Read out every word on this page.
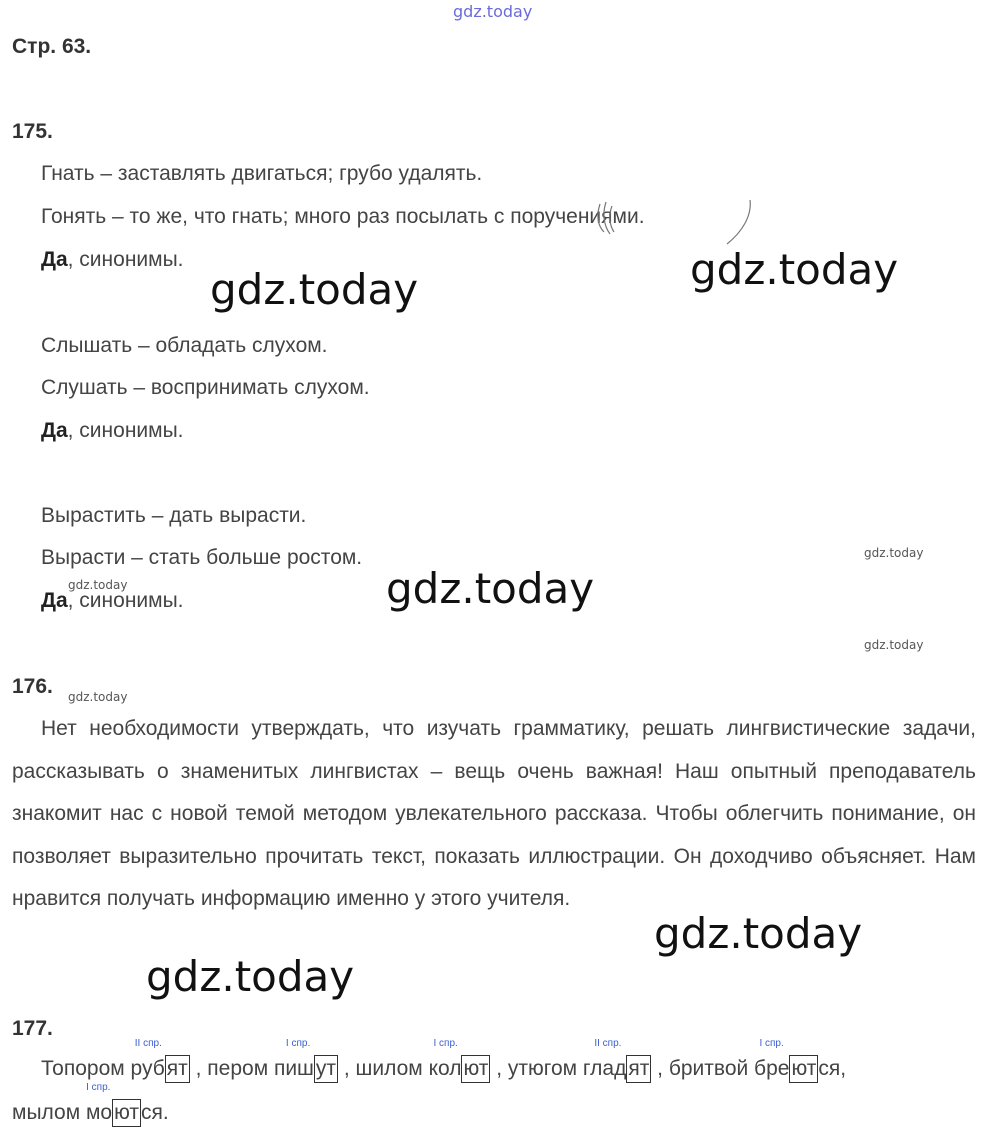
gdz.today
Стр. 63.
175.
Гнать – заставлять двигаться; грубо удалять.
Гонять – то же, что гнать; много раз посылать с поручениями.
Да, синонимы.
Слышать – обладать слухом.
Слушать – воспринимать слухом.
Да, синонимы.
Вырастить – дать вырасти.
Вырасти – стать больше ростом.
Да, синонимы.
176.
Нет необходимости утверждать, что изучать грамматику, решать лингвистические задачи, рассказывать о знаменитых лингвистах – вещь очень важная! Наш опытный преподаватель знакомит нас с новой темой методом увлекательного рассказа. Чтобы облегчить понимание, он позволяет выразительно прочитать текст, показать иллюстрации. Он доходчиво объясняет. Нам нравится получать информацию именно у этого учителя.
177.
Топором руб
II спр.
ят , пером пиш
I спр.
ут , шилом кол
I спр.
ют , утюгом глад
II спр.
ят , бритвой бре
I спр.
ются,
мылом мо
I спр.
ются.
gdz.today
gdz.today
gdz.today
gdz.today
gdz.today
gdz.today
gdz.today
gdz.today
gdz.today
